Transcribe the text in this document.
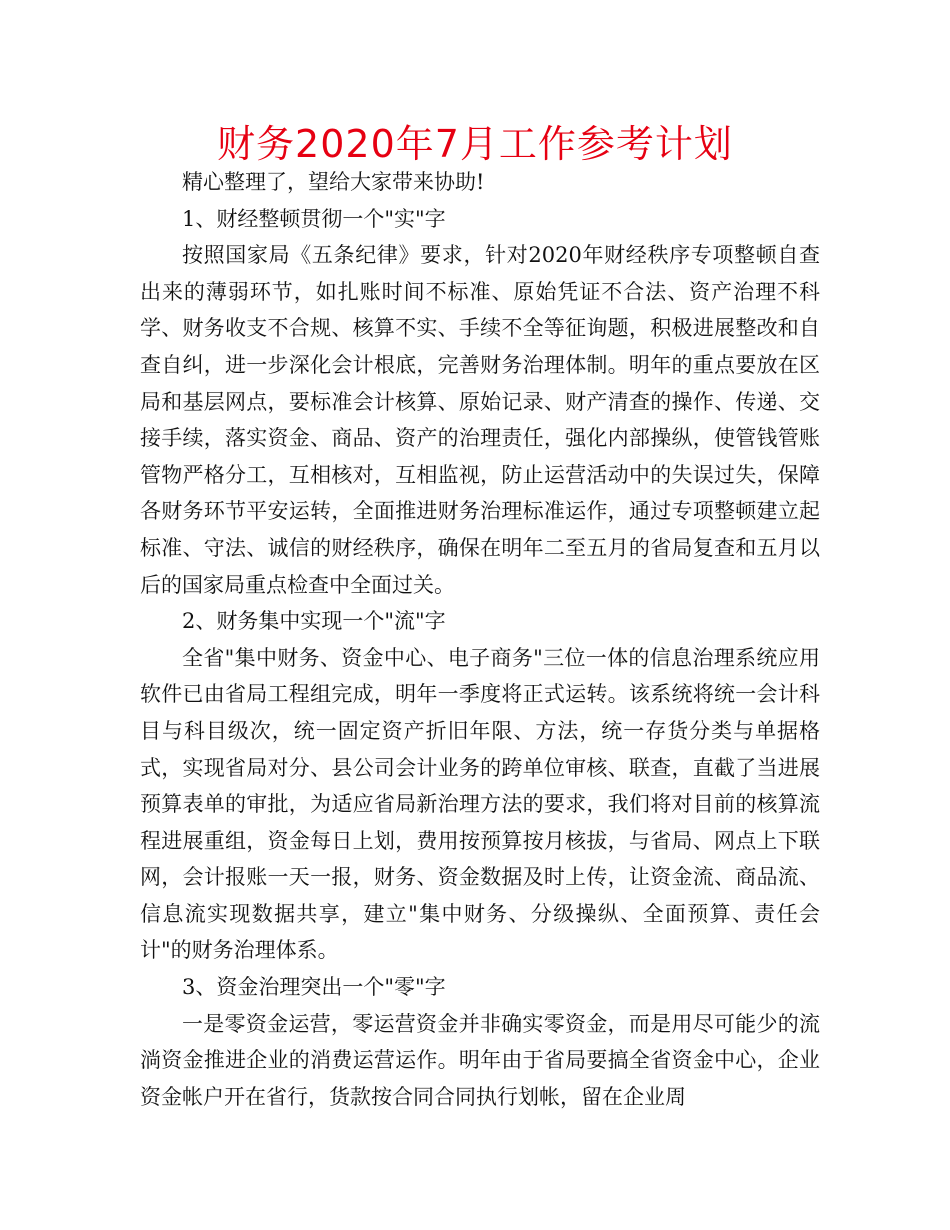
财务2020年7月工作参考计划

精心整理了，望给大家带来协助!

1、财经整顿贯彻一个"实"字

按照国家局《五条纪律》要求，针对2020年财经秩序专项整顿自查出来的薄弱环节，如扎账时间不标准、原始凭证不合法、资产治理不科学、财务收支不合规、核算不实、手续不全等征询题，积极进展整改和自查自纠，进一步深化会计根底，完善财务治理体制。明年的重点要放在区局和基层网点，要标准会计核算、原始记录、财产清查的操作、传递、交接手续，落实资金、商品、资产的治理责任，强化内部操纵，使管钱管账管物严格分工，互相核对，互相监视，防止运营活动中的失误过失，保障各财务环节平安运转，全面推进财务治理标准运作，通过专项整顿建立起标准、守法、诚信的财经秩序，确保在明年二至五月的省局复查和五月以后的国家局重点检查中全面过关。

2、财务集中实现一个"流"字

全省"集中财务、资金中心、电子商务"三位一体的信息治理系统应用软件已由省局工程组完成，明年一季度将正式运转。该系统将统一会计科目与科目级次，统一固定资产折旧年限、方法，统一存货分类与单据格式，实现省局对分、县公司会计业务的跨单位审核、联查，直截了当进展预算表单的审批，为适应省局新治理方法的要求，我们将对目前的核算流程进展重组，资金每日上划，费用按预算按月核拔，与省局、网点上下联网，会计报账一天一报，财务、资金数据及时上传，让资金流、商品流、信息流实现数据共享，建立"集中财务、分级操纵、全面预算、责任会计"的财务治理体系。

3、资金治理突出一个"零"字

一是零资金运营，零运营资金并非确实零资金，而是用尽可能少的流淌资金推进企业的消费运营运作。明年由于省局要搞全省资金中心，企业资金帐户开在省行，货款按合同合同执行划帐，留在企业周
